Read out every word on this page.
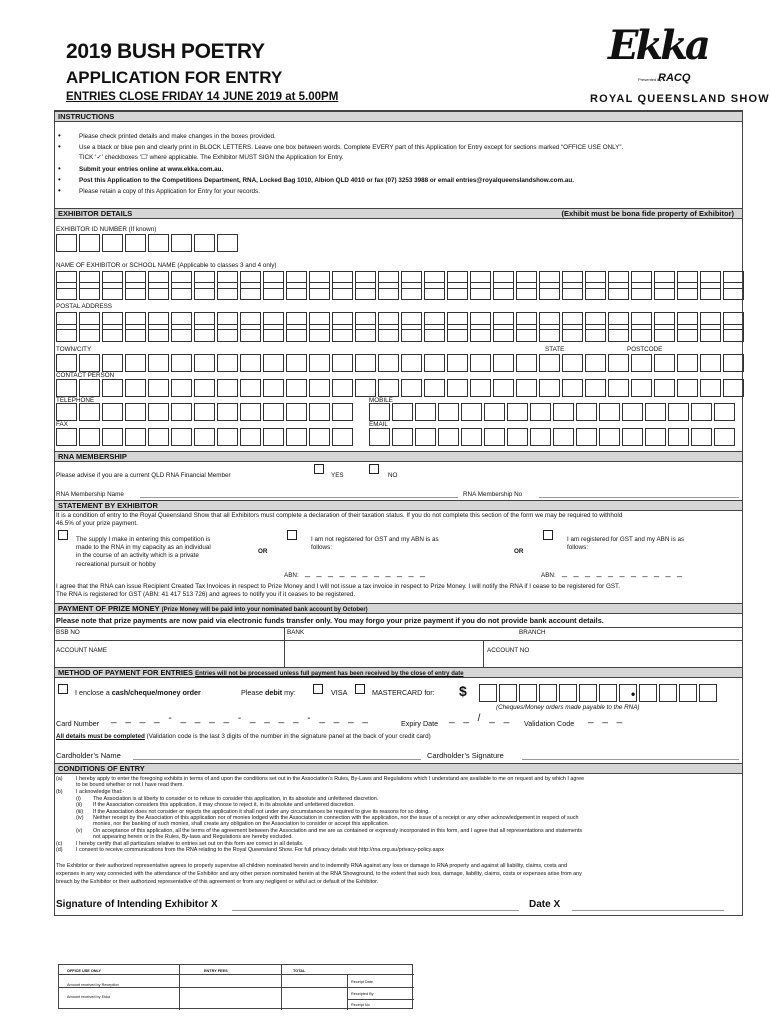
2019 BUSH POETRY
APPLICATION FOR ENTRY
ENTRIES CLOSE FRIDAY 14 JUNE 2019 at 5.00PM
Ekka
Presented by
RACQ
ROYAL QUEENSLAND SHOW
INSTRUCTIONS
•	Please check printed details and make changes in the boxes provided.
•	Use a black or blue pen and clearly print in BLOCK LETTERS. Leave one box between words. Complete EVERY part of this Application for Entry except for sections marked “OFFICE USE ONLY”.
TICK ‘✓’ checkboxes ‘☐’ where applicable. The Exhibitor MUST SIGN the Application for Entry.
•	Submit your entries online at www.ekka.com.au.
•	Post this Application to the Competitions Department, RNA, Locked Bag 1010, Albion QLD 4010 or fax (07) 3253 3988 or email entries@royalqueenslandshow.com.au.
•	Please retain a copy of this Application for Entry for your records.
EXHIBITOR DETAILS	(Exhibit must be bona fide property of Exhibitor)
EXHIBITOR ID NUMBER (If known)
NAME OF EXHIBITOR or SCHOOL NAME (Applicable to classes 3 and 4 only)
POSTAL ADDRESS
TOWN/CITY	STATE	POSTCODE
CONTACT PERSON
TELEPHONE	MOBILE
FAX	EMAIL
RNA MEMBERSHIP
Please advise if you are a current QLD RNA Financial Member	YES	NO
RNA Membership Name	RNA Membership No
STATEMENT BY EXHIBITOR
It is a condition of entry to the Royal Queensland Show that all Exhibitors must complete a declaration of their taxation status. If you do not complete this section of the form we may be required to withhold
46.5% of your prize payment.
The supply I make in entering this competition is
made to the RNA in my capacity as an individual
in the course of an activity which is a private
recreational pursuit or hobby
OR
I am not registered for GST and my ABN is as
follows:
OR
I am registered for GST and my ABN is as
follows:
ABN: _ _ _ _ _ _ _ _ _ _ _	ABN: _ _ _ _ _ _ _ _ _ _ _
I agree that the RNA can issue Recipient Created Tax Invoices in respect to Prize Money and I will not issue a tax invoice in respect to Prize Money. I will notify the RNA if I cease to be registered for GST.
The RNA is registered for GST (ABN: 41 417 513 726) and agrees to notify you if it ceases to be registered.
PAYMENT OF PRIZE MONEY (Prize Money will be paid into your nominated bank account by October)
Please note that prize payments are now paid via electronic funds transfer only. You may forgo your prize payment if you do not provide bank account details.
BSB NO	BANK	BRANCH
ACCOUNT NAME	ACCOUNT NO
METHOD OF PAYMENT FOR ENTRIES Entries will not be processed unless full payment has been received by the close of entry date
I enclose a cash/cheque/money order	Please debit my:	VISA	MASTERCARD for: $	•
(Cheques/Money orders made payable to the RNA)
Card Number _ _ _ _ - _ _ _ _ - _ _ _ _ - _ _ _ _	Expiry Date _ _ / _ _ Validation Code _ _ _
All details must be completed (Validation code is the last 3 digits of the number in the signature panel at the back of your credit card)
Cardholder’s Name	Cardholder’s Signature
CONDITIONS OF ENTRY
(a) I hereby apply to enter the foregoing exhibits in terms of and upon the conditions set out in the Association’s Rules, By-Laws and Regulations which I understand are available to me on request and by which I agree
to be bound whether or not I have read them.
(b) I acknowledge that:-
(i) The Association is at liberty to consider or to refuse to consider this application, in its absolute and unfettered discretion.
(ii) If the Association considers this application, it may choose to reject it, in its absolute and unfettered discretion.
(iii) If the Association does not consider or rejects the application it shall not under any circumstances be required to give its reasons for so doing.
(iv) Neither receipt by the Association of this application nor of monies lodged with the Association in connection with the application, nor the issue of a receipt or any other acknowledgement in respect of such
monies, nor the banking of such monies, shall create any obligation on the Association to consider or accept this application.
(v) On acceptance of this application, all the terms of the agreement between the Association and me are as contained or expressly incorporated in this form, and I agree that all representations and statements
not appearing herein or in the Rules, By-laws and Regulations are hereby excluded.
(c)	I hereby certify that all particulars relative to entries set out on this form are correct in all details.
(d) I consent to receive communications from the RNA relating to the Royal Queensland Show. For full privacy details visit http://rna.org.au/privacy-policy.aspx
The Exhibitor or their authorized representative agrees to properly supervise all children nominated herein and to indemnify RNA against any loss or damage to RNA property and against all liability, claims, costs and
expenses in any way connected with the attendance of the Exhibitor and any other person nominated herein at the RNA Showground, to the extent that such loss, damage, liability, claims, costs or expenses arise from any
breach by the Exhibitor or their authorized representative of this agreement or from any negligent or wilful act or default of the Exhibitor.
Signature of Intending Exhibitor X	Date X
OFFICE USE ONLY	ENTRY FEES	TOTAL
Amount received by Reception
Amount received by Ekka
Receipt Date
Receipted By
Receipt No
